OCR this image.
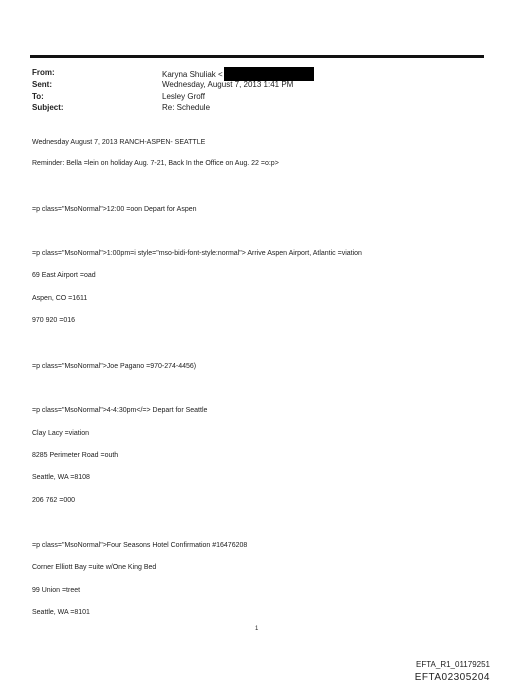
From:	Karyna Shuliak <
Sent:	Wednesday, August 7, 2013 1:41 PM
To:	Lesley Groff
Subject:	Re: Schedule
Wednesday August 7, 2013 RANCH-ASPEN- SEATTLE
Reminder: Bella =lein on holiday Aug. 7-21, Back In the Office on Aug. 22 =o:p>
=p class="MsoNormal">12:00 =oon Depart for Aspen
=p class="MsoNormal">1:00pm=i style="mso-bidi-font-style:normal"> Arrive Aspen Airport, Atlantic =viation
69 East Airport =oad
Aspen, CO =1611
970 920 =016
=p class="MsoNormal">Joe Pagano =970-274-4456)
=p class="MsoNormal">4-4:30pm</=> Depart for Seattle
Clay Lacy =viation
8285 Perimeter Road =outh
Seattle, WA =8108
206 762 =000
=p class="MsoNormal">Four Seasons Hotel Confirmation #16476208
Corner Elliott Bay =uite w/One King Bed
99 Union =treet
Seattle, WA =8101
1
EFTA_R1_01179251
EFTA02305204
